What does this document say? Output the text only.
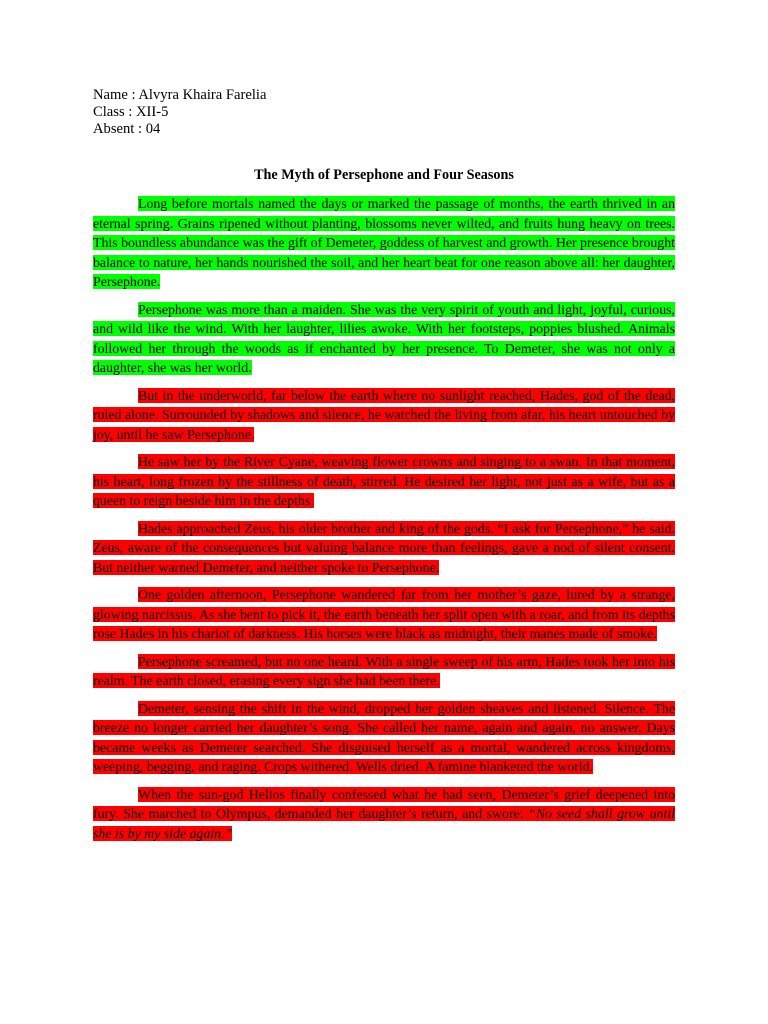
Name : Alvyra Khaira Farelia
Class : XII-5
Absent : 04
The Myth of Persephone and Four Seasons

Long before mortals named the days or marked the passage of months, the earth thrived in an eternal spring. Grains ripened without planting, blossoms never wilted, and fruits hung heavy on trees. This boundless abundance was the gift of Demeter, goddess of harvest and growth. Her presence brought balance to nature, her hands nourished the soil, and her heart beat for one reason above all: her daughter, Persephone.

Persephone was more than a maiden. She was the very spirit of youth and light, joyful, curious, and wild like the wind. With her laughter, lilies awoke. With her footsteps, poppies blushed. Animals followed her through the woods as if enchanted by her presence. To Demeter, she was not only a daughter, she was her world.

But in the underworld, far below the earth where no sunlight reached, Hades, god of the dead, ruled alone. Surrounded by shadows and silence, he watched the living from afar, his heart untouched by joy, until he saw Persephone.

He saw her by the River Cyane, weaving flower crowns and singing to a swan. In that moment, his heart, long frozen by the stillness of death, stirred. He desired her light, not just as a wife, but as a queen to reign beside him in the depths.

Hades approached Zeus, his older brother and king of the gods. “I ask for Persephone,” he said. Zeus, aware of the consequences but valuing balance more than feelings, gave a nod of silent consent. But neither warned Demeter, and neither spoke to Persephone.

One golden afternoon, Persephone wandered far from her mother’s gaze, lured by a strange, glowing narcissus. As she bent to pick it, the earth beneath her split open with a roar, and from its depths rose Hades in his chariot of darkness. His horses were black as midnight, their manes made of smoke.

Persephone screamed, but no one heard. With a single sweep of his arm, Hades took her into his realm. The earth closed, erasing every sign she had been there.

Demeter, sensing the shift in the wind, dropped her golden sheaves and listened. Silence. The breeze no longer carried her daughter’s song. She called her name, again and again, no answer. Days became weeks as Demeter searched. She disguised herself as a mortal, wandered across kingdoms, weeping, begging, and raging. Crops withered. Wells dried. A famine blanketed the world.

When the sun-god Helios finally confessed what he had seen, Demeter’s grief deepened into fury. She marched to Olympus, demanded her daughter’s return, and swore: “No seed shall grow until she is by my side again.”
